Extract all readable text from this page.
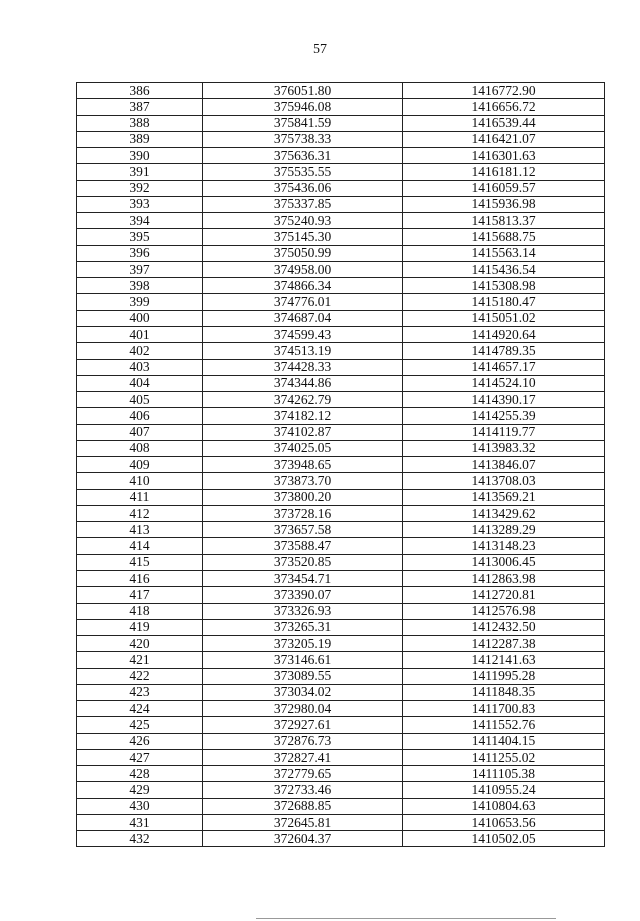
57
386	376051.80	1416772.90
387	375946.08	1416656.72
388	375841.59	1416539.44
389	375738.33	1416421.07
390	375636.31	1416301.63
391	375535.55	1416181.12
392	375436.06	1416059.57
393	375337.85	1415936.98
394	375240.93	1415813.37
395	375145.30	1415688.75
396	375050.99	1415563.14
397	374958.00	1415436.54
398	374866.34	1415308.98
399	374776.01	1415180.47
400	374687.04	1415051.02
401	374599.43	1414920.64
402	374513.19	1414789.35
403	374428.33	1414657.17
404	374344.86	1414524.10
405	374262.79	1414390.17
406	374182.12	1414255.39
407	374102.87	1414119.77
408	374025.05	1413983.32
409	373948.65	1413846.07
410	373873.70	1413708.03
411	373800.20	1413569.21
412	373728.16	1413429.62
413	373657.58	1413289.29
414	373588.47	1413148.23
415	373520.85	1413006.45
416	373454.71	1412863.98
417	373390.07	1412720.81
418	373326.93	1412576.98
419	373265.31	1412432.50
420	373205.19	1412287.38
421	373146.61	1412141.63
422	373089.55	1411995.28
423	373034.02	1411848.35
424	372980.04	1411700.83
425	372927.61	1411552.76
426	372876.73	1411404.15
427	372827.41	1411255.02
428	372779.65	1411105.38
429	372733.46	1410955.24
430	372688.85	1410804.63
431	372645.81	1410653.56
432	372604.37	1410502.05
